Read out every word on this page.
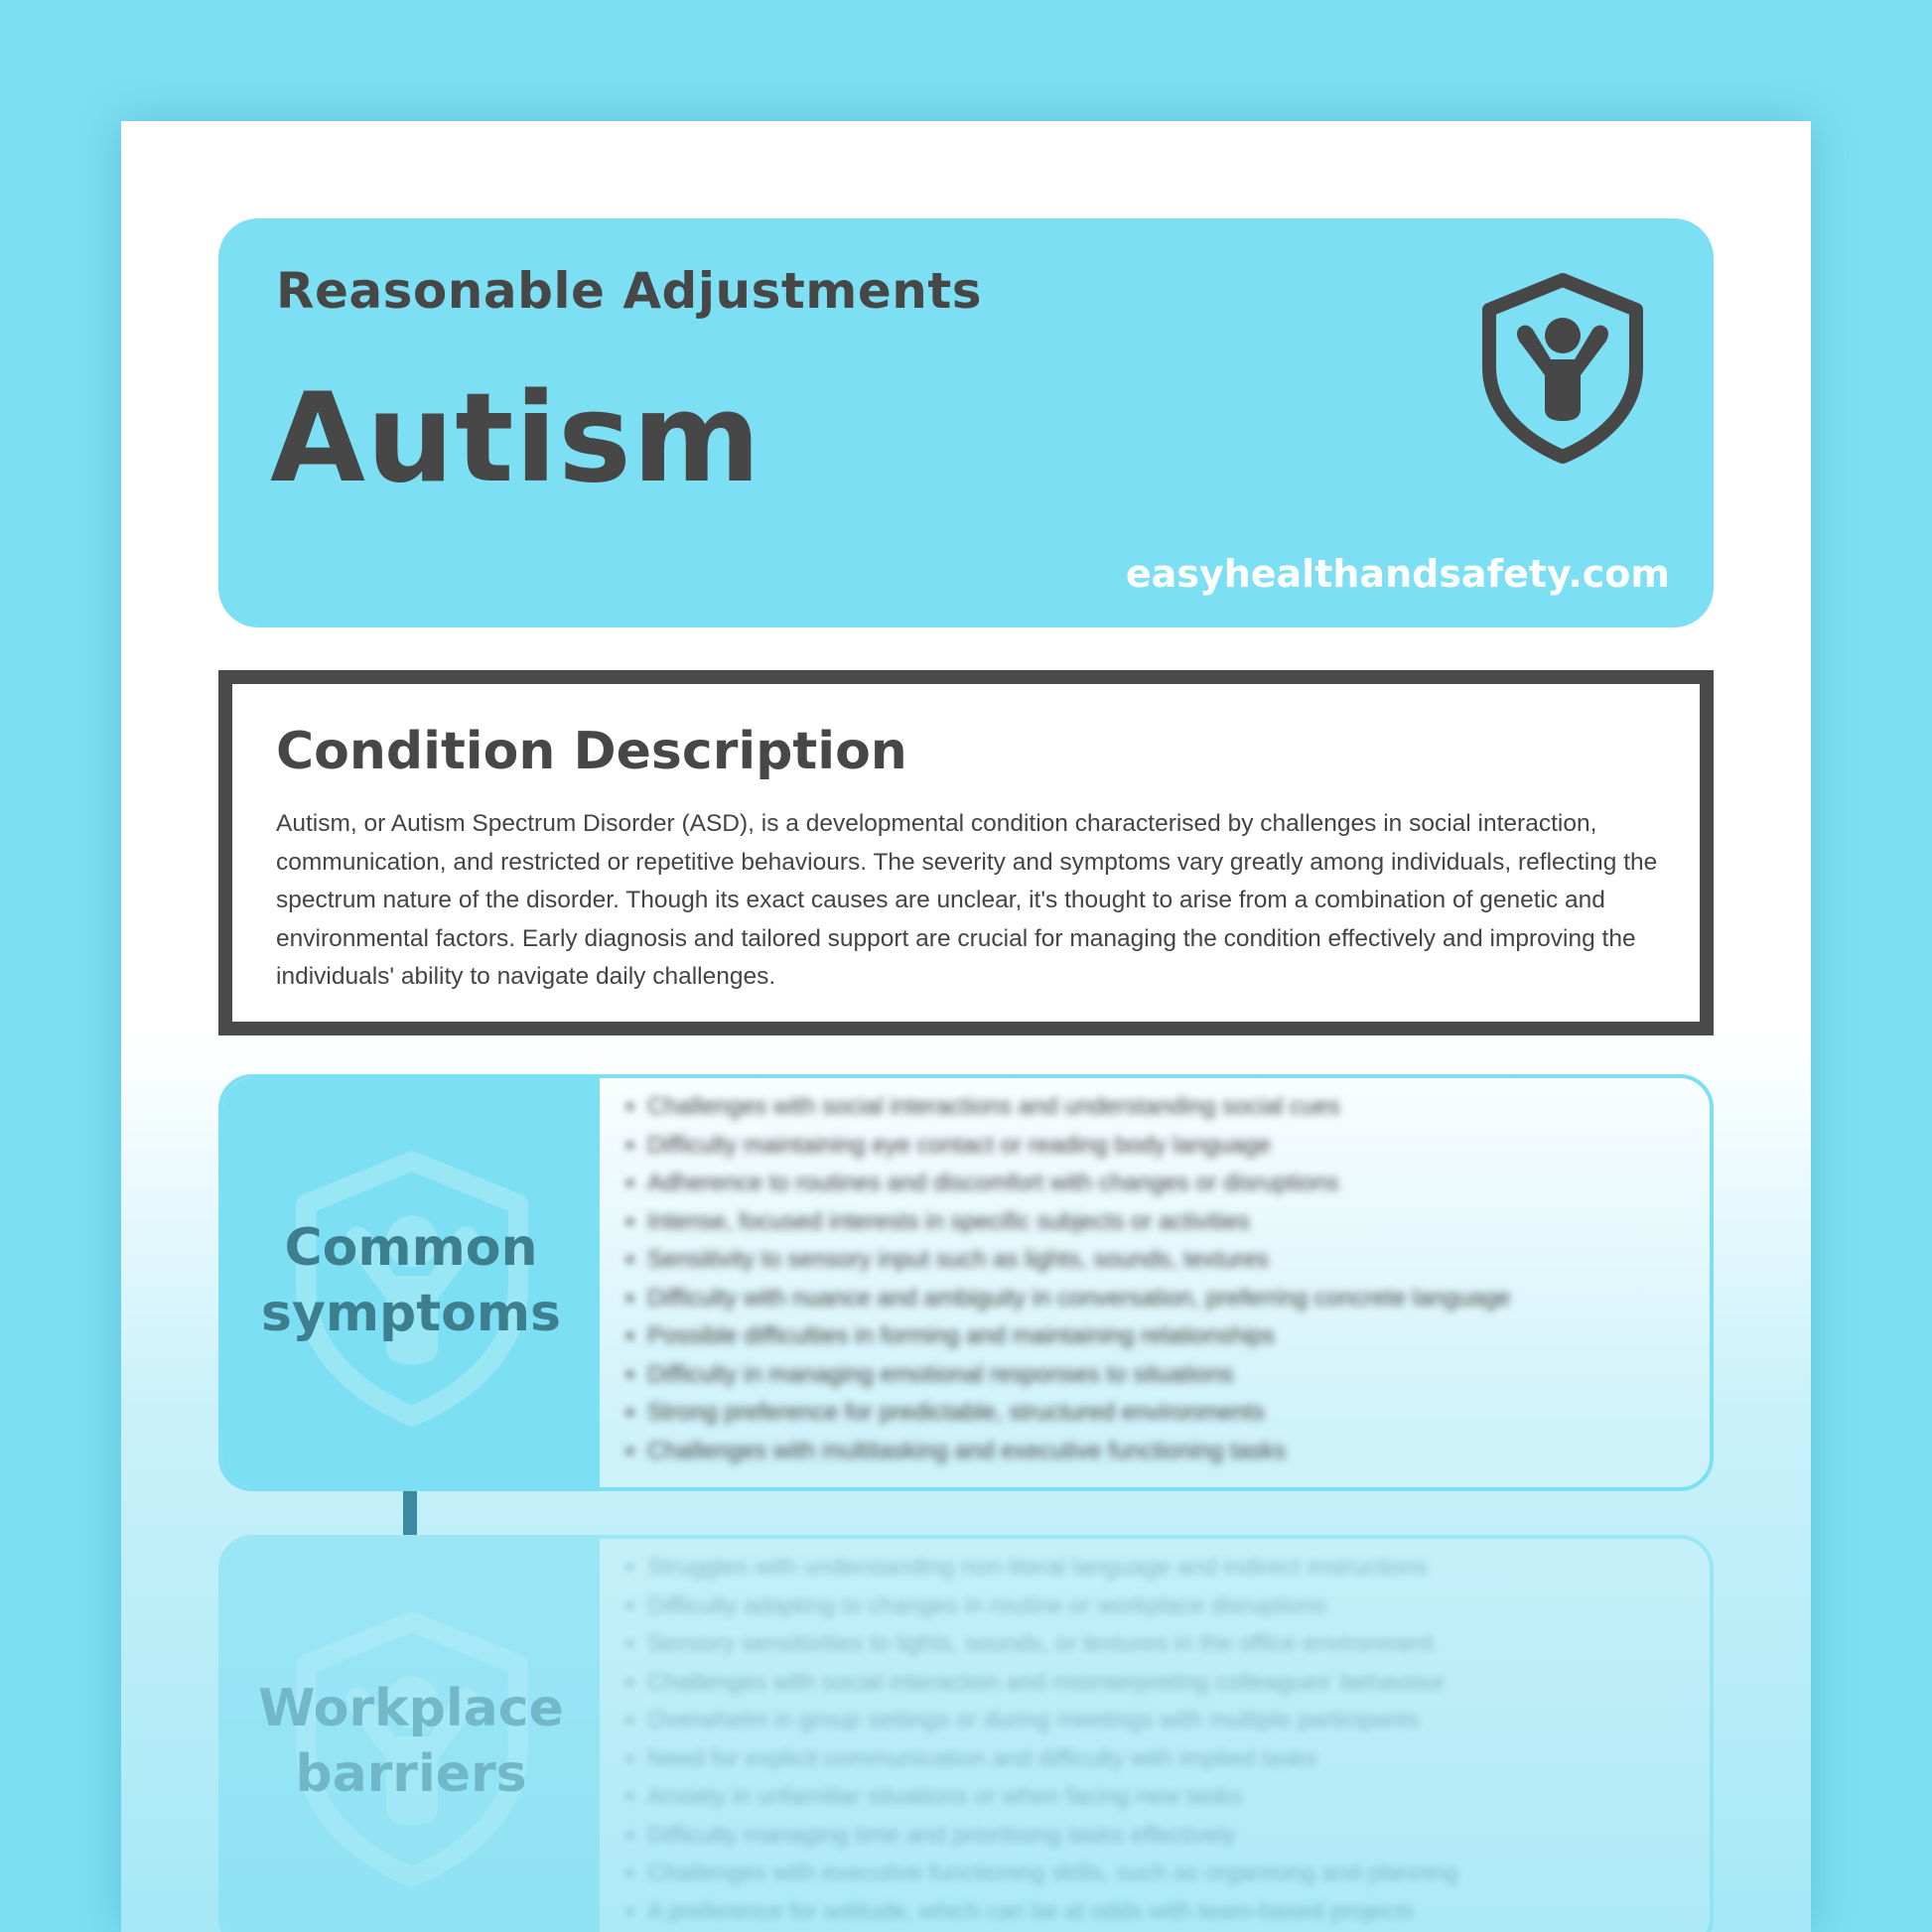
Reasonable Adjustments
Autism
easyhealthandsafety.com
Condition Description
Autism, or Autism Spectrum Disorder (ASD), is a developmental condition characterised by challenges in social interaction, communication, and restricted or repetitive behaviours. The severity and symptoms vary greatly among individuals, reflecting the spectrum nature of the disorder. Though its exact causes are unclear, it's thought to arise from a combination of genetic and environmental factors. Early diagnosis and tailored support are crucial for managing the condition effectively and improving the individuals' ability to navigate daily challenges.
Common
symptoms
• Challenges with social interactions and understanding social cues
• Difficulty maintaining eye contact or reading body language
• Adherence to routines and discomfort with changes or disruptions
• Intense, focused interests in specific subjects or activities
• Sensitivity to sensory input such as lights, sounds, textures
• Difficulty with nuance and ambiguity in conversation, preferring concrete language
• Possible difficulties in forming and maintaining relationships
• Difficulty in managing emotional responses to situations
• Strong preference for predictable, structured environments
• Challenges with multitasking and executive functioning tasks
Workplace
barriers
• Struggles with understanding non-literal language and indirect instructions
• Difficulty adapting to changes in routine or workplace disruptions
• Sensory sensitivities to lights, sounds, or textures in the office environment
• Challenges with social interaction and misinterpreting colleagues' behaviour
• Overwhelm in group settings or during meetings with multiple participants
• Need for explicit communication and difficulty with implied tasks
• Anxiety in unfamiliar situations or when facing new tasks
• Difficulty managing time and prioritising tasks effectively
• Challenges with executive functioning skills, such as organising and planning
• A preference for solitude, which can be at odds with team-based projects
